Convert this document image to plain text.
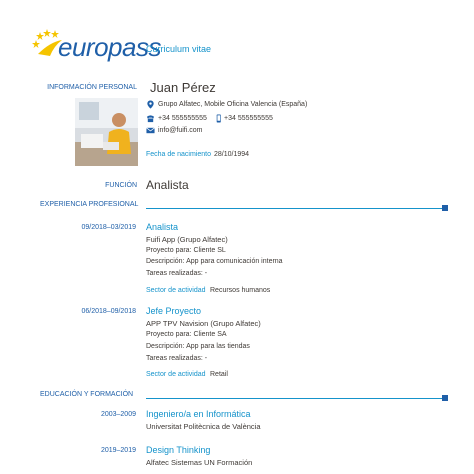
europass
Curriculum vitae
INFORMACIÓN PERSONAL Juan Pérez
Grupo Alfatec, Mobile Oficina Valencia (España)
+34 555555555 +34 555555555
info@fuifi.com
Fecha de nacimiento 28/10/1994
FUNCIÓN Analista
EXPERIENCIA PROFESIONAL
09/2018–03/2019 Analista
Fuifi App (Grupo Alfatec)
Proyecto para: Cliente SL
Descripción: App para comunicación interna
Tareas realizadas: -
Sector de actividad Recursos humanos
06/2018–09/2018 Jefe Proyecto
APP TPV Navision (Grupo Alfatec)
Proyecto para: Cliente SA
Descripción: App para las tiendas
Tareas realizadas: -
Sector de actividad Retail
EDUCACIÓN Y FORMACIÓN
2003–2009 Ingeniero/a en Informática
Universitat Politècnica de València
2019–2019 Design Thinking
Alfatec Sistemas UN Formación
